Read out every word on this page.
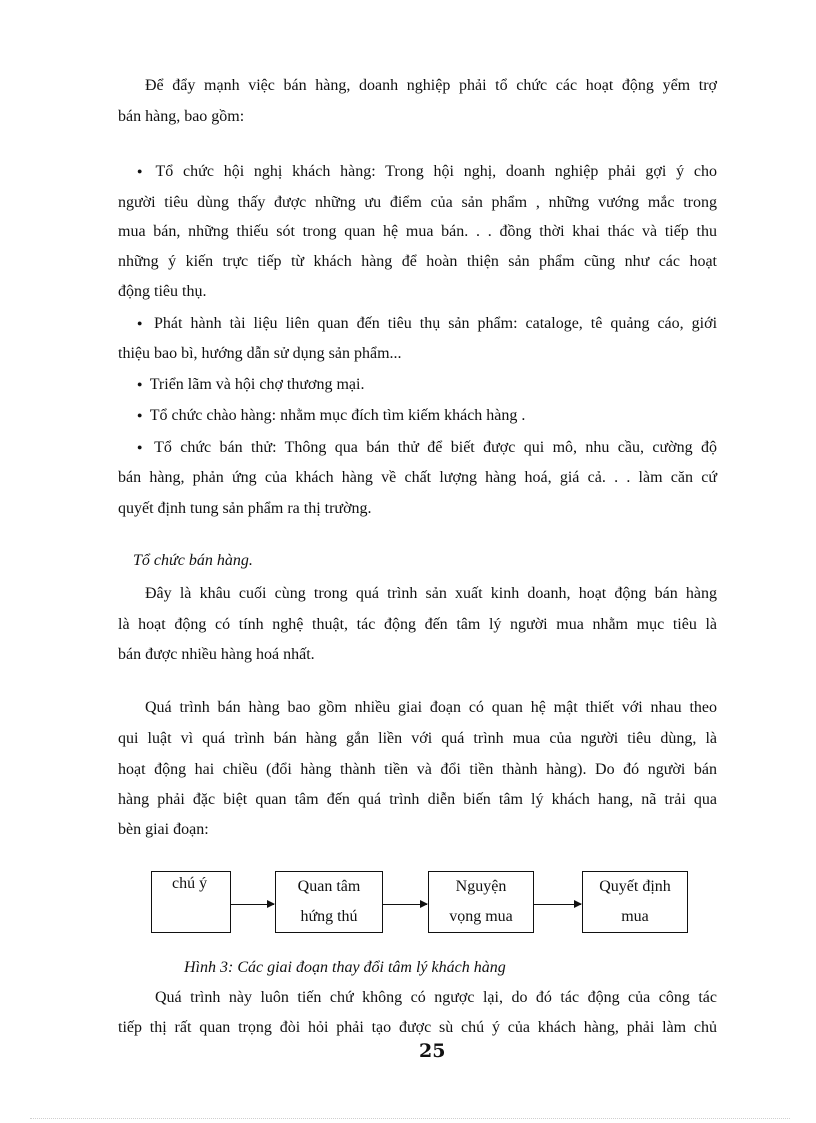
Để đẩy mạnh việc bán hàng, doanh nghiệp phải tổ chức các hoạt động yểm trợ
bán hàng, bao gồm:
● Tổ chức hội nghị khách hàng: Trong hội nghị, doanh nghiệp phải gợi ý cho
người tiêu dùng thấy được những ưu điểm của sản phẩm , những vướng mắc trong
mua bán, những thiếu sót trong quan hệ mua bán. . . đồng thời khai thác và tiếp thu
những ý kiến trực tiếp từ khách hàng để hoàn thiện sản phẩm cũng như các hoạt
động tiêu thụ.
● Phát hành tài liệu liên quan đến tiêu thụ sản phẩm: cataloge, tê quảng cáo, giới
thiệu bao bì, hướng dẫn sử dụng sản phẩm...
● Triển lãm và hội chợ thương mại.
● Tổ chức chào hàng: nhằm mục đích tìm kiếm khách hàng .
● Tổ chức bán thử: Thông qua bán thử để biết được qui mô, nhu cầu, cường độ
bán hàng, phản ứng của khách hàng về chất lượng hàng hoá, giá cả. . . làm căn cứ
quyết định tung sản phẩm ra thị trường.
Tổ chức bán hàng.
Đây là khâu cuối cùng trong quá trình sản xuất kinh doanh, hoạt động bán hàng
là hoạt động có tính nghệ thuật, tác động đến tâm lý người mua nhằm mục tiêu là
bán được nhiều hàng hoá nhất.
Quá trình bán hàng bao gồm nhiều giai đoạn có quan hệ mật thiết với nhau theo
qui luật vì quá trình bán hàng gắn liền với quá trình mua của người tiêu dùng, là
hoạt động hai chiều (đổi hàng thành tiền và đổi tiền thành hàng). Do đó người bán
hàng phải đặc biệt quan tâm đến quá trình diễn biến tâm lý khách hang, nã trải qua
bèn giai đoạn:
chú ý	Quan tâm
hứng thú
Nguyện
vọng mua
Quyết định
mua
Hình 3: Các giai đoạn thay đổi tâm lý khách hàng
Quá trình này luôn tiến chứ không có ngược lại, do đó tác động của công tác
tiếp thị rất quan trọng đòi hỏi phải tạo được sù chú ý của khách hàng, phải làm chủ
25
